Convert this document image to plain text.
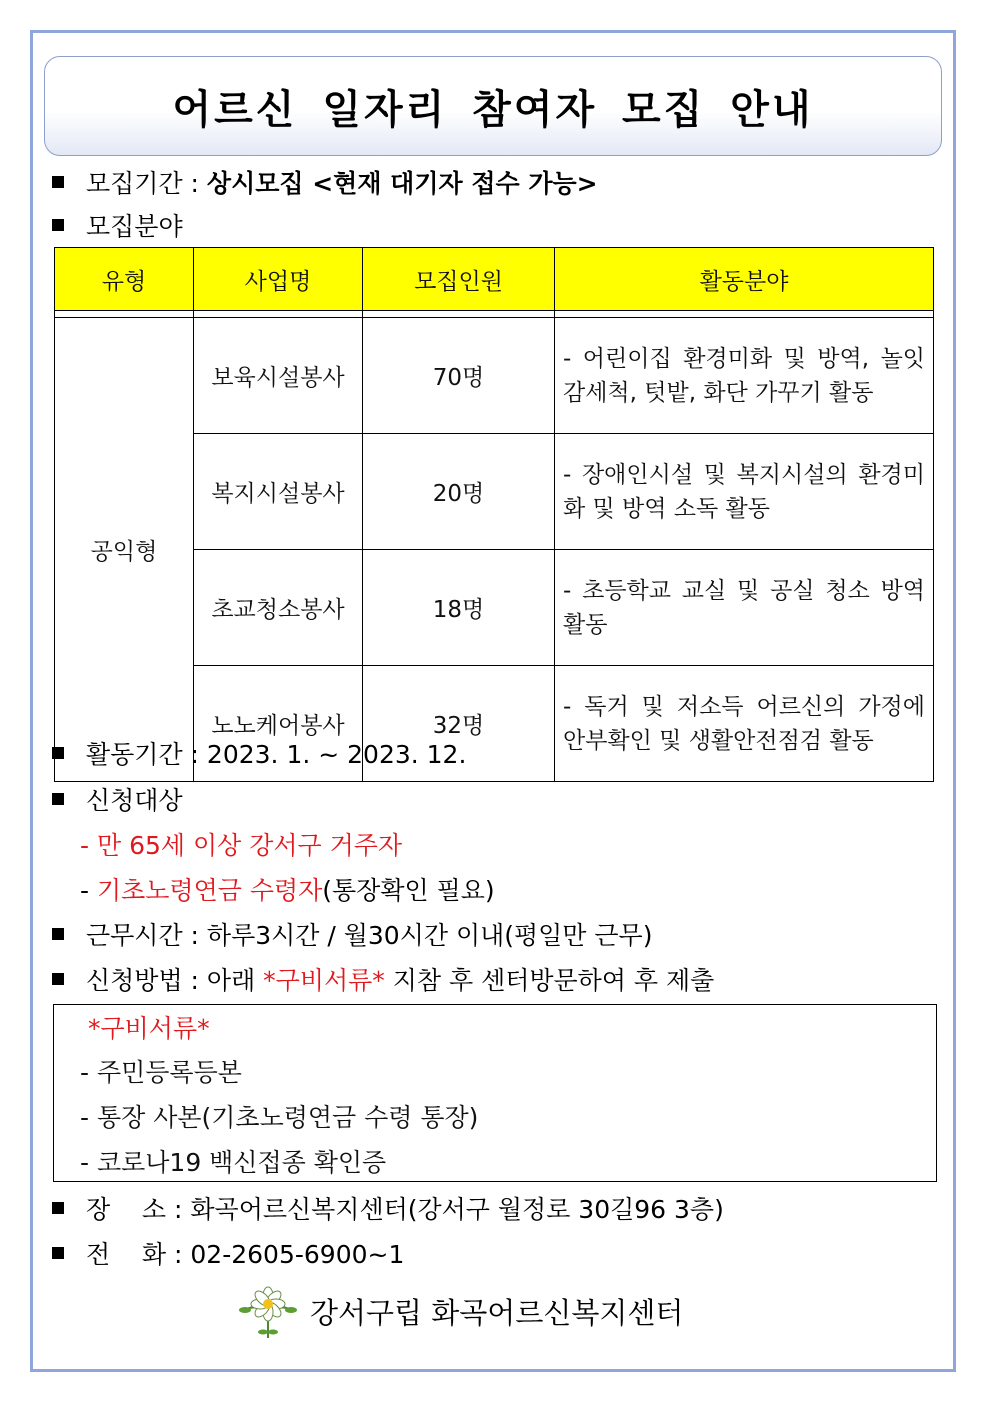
어르신 일자리 참여자 모집 안내
모집기간 : 상시모집 <현재 대기자 접수 가능>
모집분야
유형	사업명	모집인원	활동분야

공익형	보육시설봉사	70명	- 어린이집 환경미화 및 방역, 놀잇감세척, 텃밭, 화단 가꾸기 활동
	복지시설봉사	20명	- 장애인시설 및 복지시설의 환경미화 및 방역 소독 활동
	초교청소봉사	18명	- 초등학교 교실 및 공실 청소 방역활동
	노노케어봉사	32명	- 독거 및 저소득 어르신의 가정에 안부확인 및 생활안전점검 활동
활동기간 : 2023. 1. ~ 2023. 12.
신청대상
- 만 65세 이상 강서구 거주자
- 기초노령연금 수령자(통장확인 필요)
근무시간 : 하루3시간 / 월30시간 이내(평일만 근무)
신청방법 : 아래 *구비서류* 지참 후 센터방문하여 후 제출
*구비서류*
- 주민등록등본
- 통장 사본(기초노령연금 수령 통장)
- 코로나19 백신접종 확인증
장    소 : 화곡어르신복지센터(강서구 월정로 30길96 3층)
전    화 : 02-2605-6900~1
강서구립 화곡어르신복지센터
